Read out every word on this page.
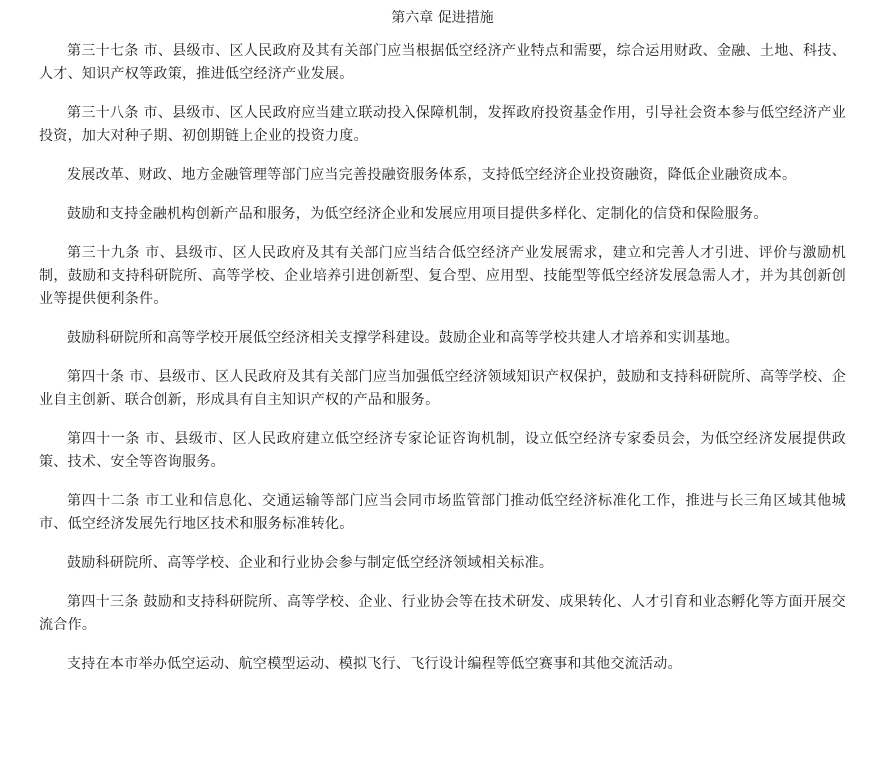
第六章 促进措施

第三十七条 市、县级市、区人民政府及其有关部门应当根据低空经济产业特点和需要，综合运用财政、金融、土地、科技、人才、知识产权等政策，推进低空经济产业发展。

第三十八条 市、县级市、区人民政府应当建立联动投入保障机制，发挥政府投资基金作用，引导社会资本参与低空经济产业投资，加大对种子期、初创期链上企业的投资力度。

发展改革、财政、地方金融管理等部门应当完善投融资服务体系，支持低空经济企业投资融资，降低企业融资成本。

鼓励和支持金融机构创新产品和服务，为低空经济企业和发展应用项目提供多样化、定制化的信贷和保险服务。

第三十九条 市、县级市、区人民政府及其有关部门应当结合低空经济产业发展需求，建立和完善人才引进、评价与激励机制，鼓励和支持科研院所、高等学校、企业培养引进创新型、复合型、应用型、技能型等低空经济发展急需人才，并为其创新创业等提供便利条件。

鼓励科研院所和高等学校开展低空经济相关支撑学科建设。鼓励企业和高等学校共建人才培养和实训基地。

第四十条 市、县级市、区人民政府及其有关部门应当加强低空经济领域知识产权保护，鼓励和支持科研院所、高等学校、企业自主创新、联合创新，形成具有自主知识产权的产品和服务。

第四十一条 市、县级市、区人民政府建立低空经济专家论证咨询机制，设立低空经济专家委员会，为低空经济发展提供政策、技术、安全等咨询服务。

第四十二条 市工业和信息化、交通运输等部门应当会同市场监管部门推动低空经济标准化工作，推进与长三角区域其他城市、低空经济发展先行地区技术和服务标准转化。

鼓励科研院所、高等学校、企业和行业协会参与制定低空经济领域相关标准。

第四十三条 鼓励和支持科研院所、高等学校、企业、行业协会等在技术研发、成果转化、人才引育和业态孵化等方面开展交流合作。

支持在本市举办低空运动、航空模型运动、模拟飞行、飞行设计编程等低空赛事和其他交流活动。
